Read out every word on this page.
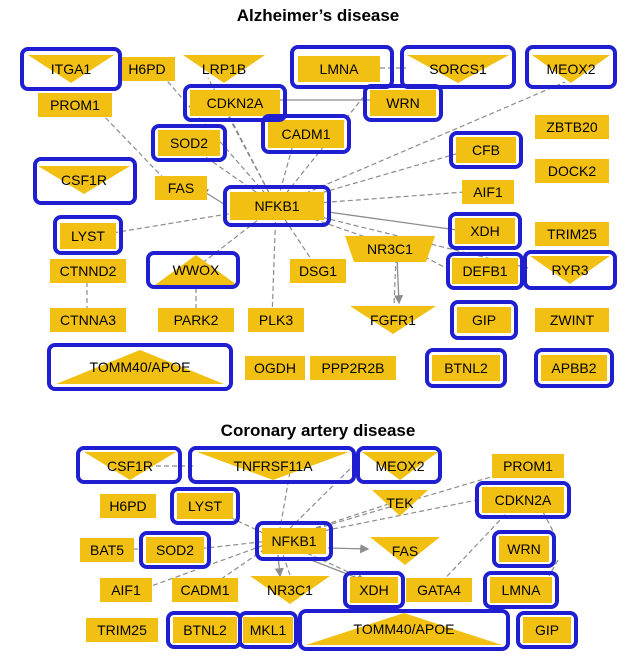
Alzheimer’s disease
Coronary artery disease
ITGA1	H6PD	LRP1B	LMNA	SORCS1	MEOX2
PROM1	CDKN2A	WRN
ZBTB20
SOD2
CADM1
CFB
CSF1R	FAS
DOCK2
NFKB1
AIF1
LYST	XDH	TRIM25
NR3C1
CTNND2	WWOX	DSG1	DEFB1	RYR3
CTNNA3	PARK2	PLK3	FGFR1	GIP	ZWINT
TOMM40/APOE	OGDH PPP2R2B	BTNL2	APBB2
CSF1R	TNFRSF11A	MEOX2	PROM1
H6PD	LYST	TEK	CDKN2A
BAT5 SOD2
NFKB1
FAS	WRN
AIF1	CADM1	NR3C1	XDH GATA4	LMNA
TRIM25	BTNL2 MKL1	TOMM40/APOE	GIP
